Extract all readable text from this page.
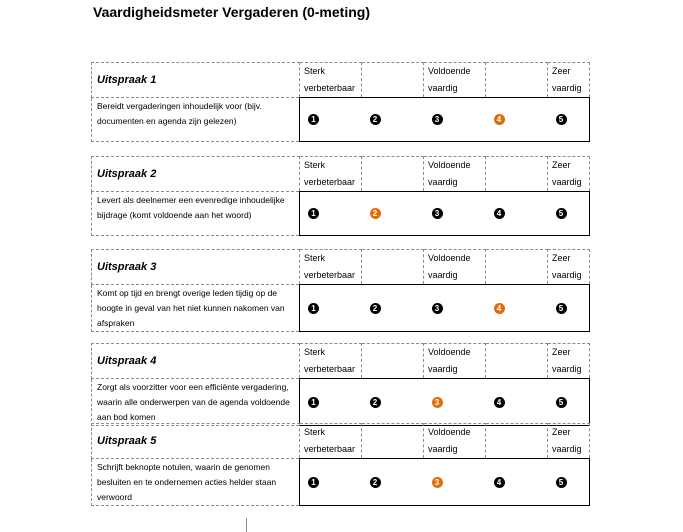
Vaardigheidsmeter Vergaderen (0-meting)
Uitspraak 1	Sterk verbeterbaar		Voldoende vaardig		Zeer vaardig
Bereidt vergaderingen inhoudelijk voor (bijv. documenten en agenda zijn gelezen)	1	2	3	4	5
Uitspraak 2	Sterk verbeterbaar		Voldoende vaardig		Zeer vaardig
Levert als deelnemer een evenredige inhoudelijke bijdrage (komt voldoende aan het woord)	1	2	3	4	5
Uitspraak 3	Sterk verbeterbaar		Voldoende vaardig		Zeer vaardig
Komt op tijd en brengt overige leden tijdig op de hoogte in geval van het niet kunnen nakomen van afspraken	1	2	3	4	5
Uitspraak 4	Sterk verbeterbaar		Voldoende vaardig		Zeer vaardig
Zorgt als voorzitter voor een efficiënte vergadering, waarin alle onderwerpen van de agenda voldoende aan bod komen	1	2	3	4	5
Uitspraak 5	Sterk verbeterbaar		Voldoende vaardig		Zeer vaardig
Schrijft beknopte notulen, waarin de genomen besluiten en te ondernemen acties helder staan verwoord	1	2	3	4	5
